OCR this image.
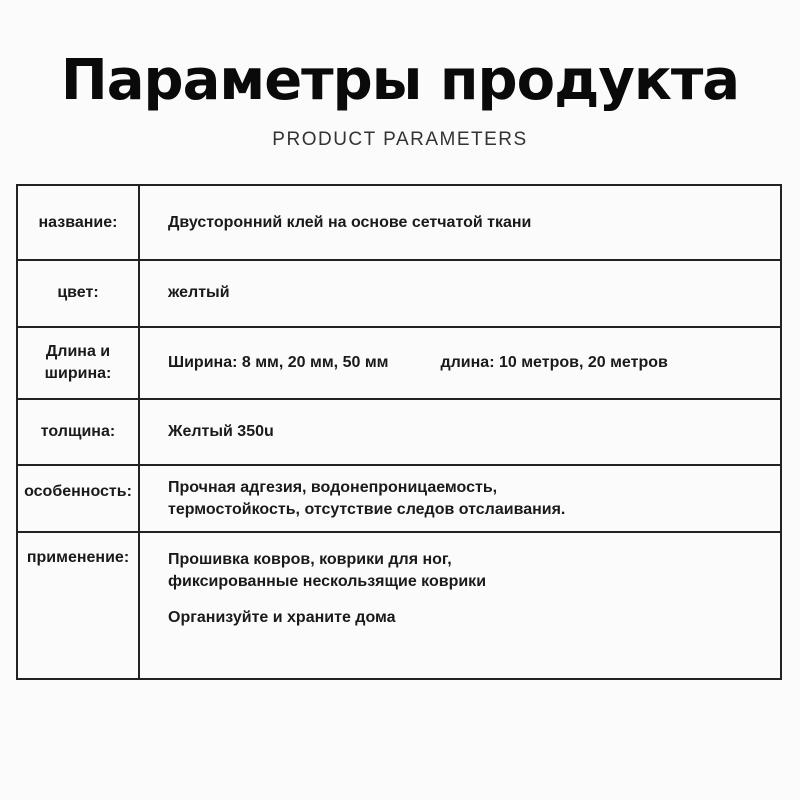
Параметры продукта
PRODUCT PARAMETERS
название:	Двусторонний клей на основе сетчатой ткани
цвет:	желтый

Длина и
ширина:	Ширина: 8 мм, 20 мм, 50 мм длина: 10 метров, 20 метров
толщина:	Желтый 350u
особенность:	Прочная адгезия, водонепроницаемость,
термостойкость, отсутствие следов отслаивания.

применение:	Прошивка ковров, коврики для ног,
фиксированные нескользящие коврики
Организуйте и храните дома
